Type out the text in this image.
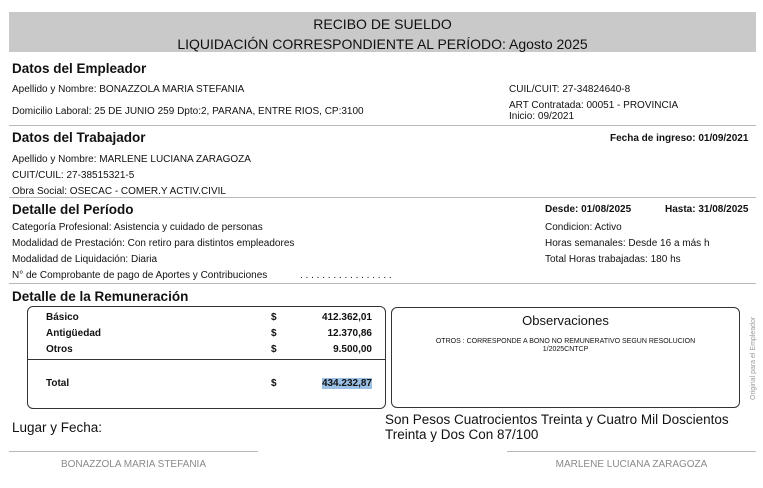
RECIBO DE SUELDO
LIQUIDACIÓN CORRESPONDIENTE AL PERÍODO: Agosto 2025
Datos del Empleador
Apellido y Nombre: BONAZZOLA MARIA STEFANIA
Domicilio Laboral: 25 DE JUNIO 259 Dpto:2, PARANA, ENTRE RIOS, CP:3100
CUIL/CUIT: 27-34824640-8
ART Contratada: 00051 - PROVINCIA
Inicio: 09/2021
Datos del Trabajador	Fecha de ingreso: 01/09/2021
Apellido y Nombre: MARLENE LUCIANA ZARAGOZA
CUIT/CUIL: 27-38515321-5
Obra Social: OSECAC - COMER.Y ACTIV.CIVIL
Detalle del Período	Desde: 01/08/2025	Hasta: 31/08/2025
Categoría Profesional: Asistencia y cuidado de personas
Modalidad de Prestación: Con retiro para distintos empleadores
Modalidad de Liquidación: Diaria
N° de Comprobante de pago de Aportes y Contribuciones	. . . . . . . . . . . . . . . . .
Condicion: Activo
Horas semanales: Desde 16 a más h
Total Horas trabajadas: 180 hs
Detalle de la Remuneración
Básico	$	412.362,01
Antigüedad	$	12.370,86
Otros	$	9.500,00
Total	$	434.232,87
Observaciones
OTROS : CORRESPONDE A BONO NO REMUNERATIVO SEGUN RESOLUCION
1/2025CNTCP	Original para el Empleador
Son Pesos Cuatrocientos Treinta y Cuatro Mil Doscientos
Treinta y Dos Con 87/100
Lugar y Fecha:
BONAZZOLA MARIA STEFANIA	MARLENE LUCIANA ZARAGOZA
